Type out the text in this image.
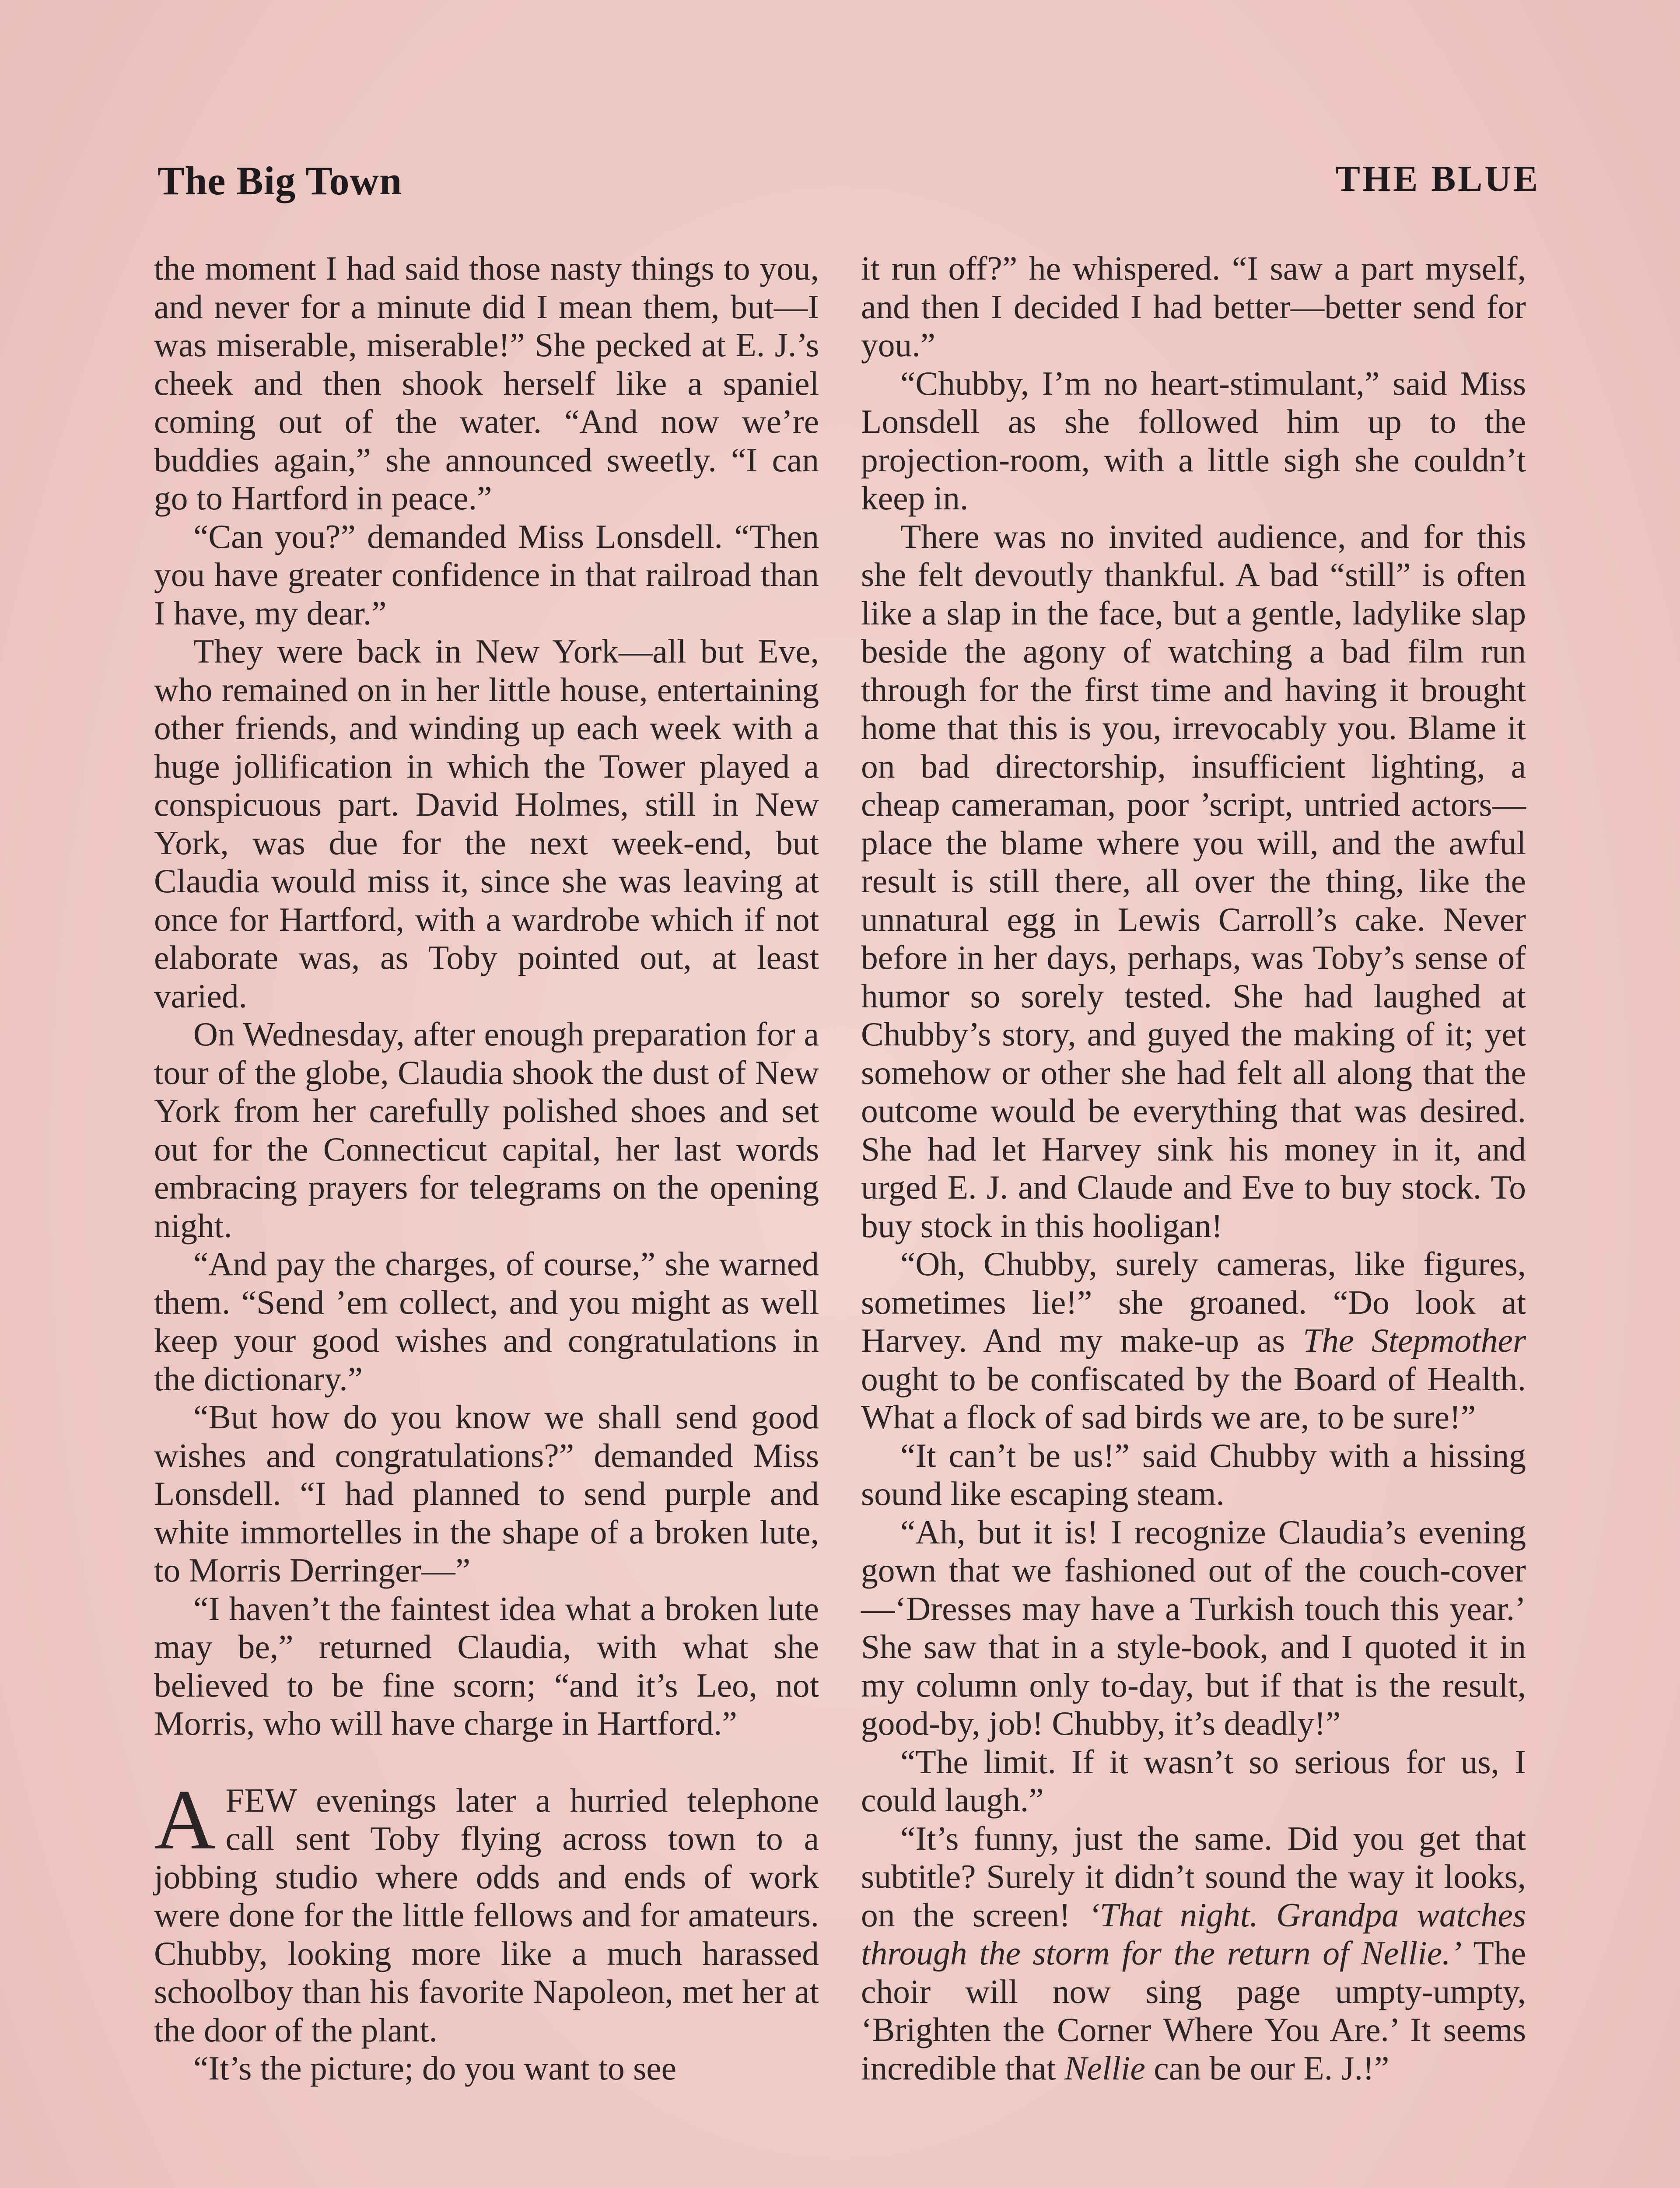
The Big Town	THE BLUE

the moment I had said those nasty things to you, and never for a minute did I mean them, but—I was miserable, miserable!” She pecked at E. J.’s cheek and then shook herself like a spaniel coming out of the water. “And now we’re buddies again,” she announced sweetly. “I can go to Hartford in peace.”

“Can you?” demanded Miss Lonsdell. “Then you have greater confidence in that railroad than I have, my dear.”

They were back in New York—all but Eve, who remained on in her little house, entertaining other friends, and winding up each week with a huge jollification in which the Tower played a conspicuous part. David Holmes, still in New York, was due for the next week-end, but Claudia would miss it, since she was leaving at once for Hartford, with a wardrobe which if not elaborate was, as Toby pointed out, at least varied.

On Wednesday, after enough preparation for a tour of the globe, Claudia shook the dust of New York from her carefully polished shoes and set out for the Connecticut capital, her last words embracing prayers for telegrams on the opening night.

“And pay the charges, of course,” she warned them. “Send ’em collect, and you might as well keep your good wishes and congratulations in the dictionary.”

“But how do you know we shall send good wishes and congratulations?” demanded Miss Lonsdell. “I had planned to send purple and white immortelles in the shape of a broken lute, to Morris Derringer—”

“I haven’t the faintest idea what a broken lute may be,” returned Claudia, with what she believed to be fine scorn; “and it’s Leo, not Morris, who will have charge in Hartford.”

AFEW evenings later a hurried telephone call sent Toby flying across town to a jobbing studio where odds and ends of work were done for the little fellows and for amateurs. Chubby, looking more like a much harassed schoolboy than his favorite Napoleon, met her at the door of the plant.

“It’s the picture; do you want to see

it run off?” he whispered. “I saw a part myself, and then I decided I had better—better send for you.”

“Chubby, I’m no heart-stimulant,” said Miss Lonsdell as she followed him up to the projection-room, with a little sigh she couldn’t keep in.

There was no invited audience, and for this she felt devoutly thankful. A bad “still” is often like a slap in the face, but a gentle, ladylike slap beside the agony of watching a bad film run through for the first time and having it brought home that this is you, irrevocably you. Blame it on bad directorship, insufficient lighting, a cheap cameraman, poor ’script, untried actors—place the blame where you will, and the awful result is still there, all over the thing, like the unnatural egg in Lewis Carroll’s cake. Never before in her days, perhaps, was Toby’s sense of humor so sorely tested. She had laughed at Chubby’s story, and guyed the making of it; yet somehow or other she had felt all along that the outcome would be everything that was desired. She had let Harvey sink his money in it, and urged E. J. and Claude and Eve to buy stock. To buy stock in this hooligan!

“Oh, Chubby, surely cameras, like figures, sometimes lie!” she groaned. “Do look at Harvey. And my make-up as The Stepmother ought to be confiscated by the Board of Health. What a flock of sad birds we are, to be sure!”

“It can’t be us!” said Chubby with a hissing sound like escaping steam.

“Ah, but it is! I recognize Claudia’s evening gown that we fashioned out of the couch-cover—‘Dresses may have a Turkish touch this year.’ She saw that in a style-book, and I quoted it in my column only to-day, but if that is the result, good-by, job! Chubby, it’s deadly!”

“The limit. If it wasn’t so serious for us, I could laugh.”

“It’s funny, just the same. Did you get that subtitle? Surely it didn’t sound the way it looks, on the screen! ‘That night. Grandpa watches through the storm for the return of Nellie.’ The choir will now sing page umpty-umpty, ‘Brighten the Corner Where You Are.’ It seems incredible that Nellie can be our E. J.!”
